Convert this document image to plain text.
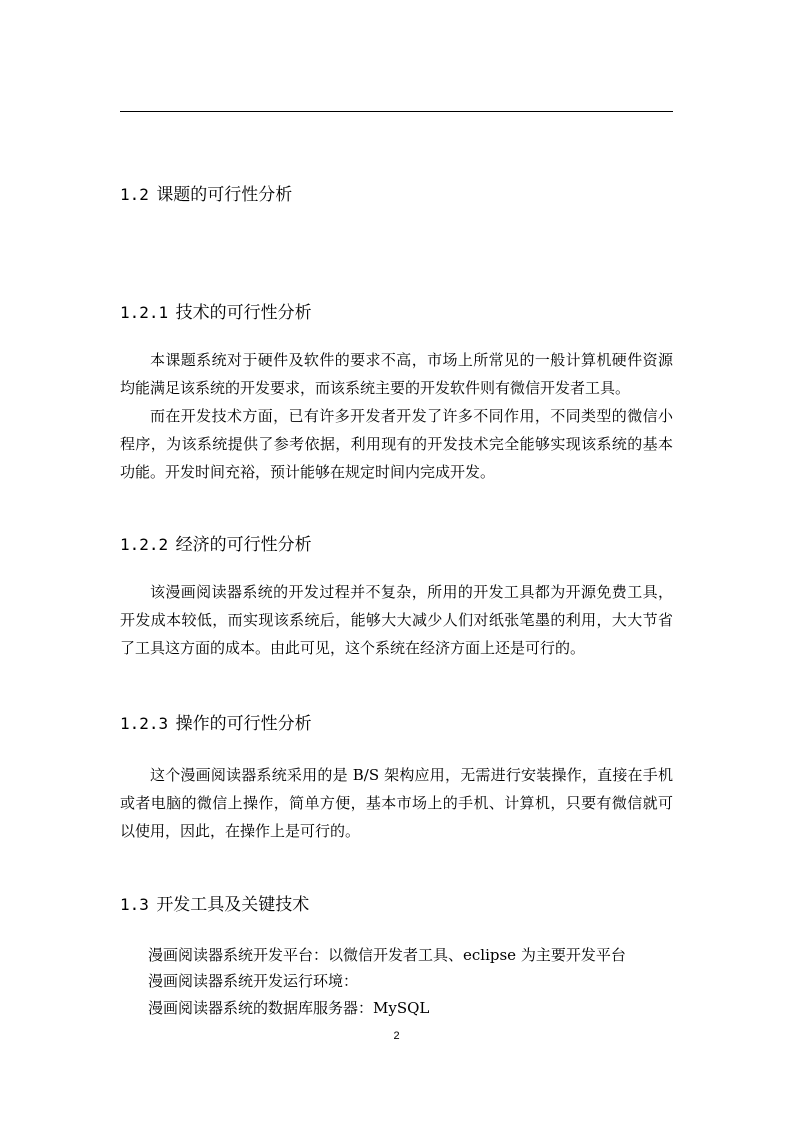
1.2 课题的可行性分析
1.2.1 技术的可行性分析

本课题系统对于硬件及软件的要求不高，市场上所常见的一般计算机硬件资源均能满足该系统的开发要求，而该系统主要的开发软件则有微信开发者工具。

而在开发技术方面，已有许多开发者开发了许多不同作用，不同类型的微信小程序，为该系统提供了参考依据，利用现有的开发技术完全能够实现该系统的基本功能。开发时间充裕，预计能够在规定时间内完成开发。

1.2.2 经济的可行性分析

该漫画阅读器系统的开发过程并不复杂，所用的开发工具都为开源免费工具，开发成本较低，而实现该系统后，能够大大减少人们对纸张笔墨的利用，大大节省了工具这方面的成本。由此可见，这个系统在经济方面上还是可行的。

1.2.3 操作的可行性分析

这个漫画阅读器系统采用的是 B/S 架构应用，无需进行安装操作，直接在手机或者电脑的微信上操作，简单方便，基本市场上的手机、计算机，只要有微信就可以使用，因此，在操作上是可行的。

1.3 开发工具及关键技术
漫画阅读器系统开发平台：以微信开发者工具、eclipse 为主要开发平台
漫画阅读器系统开发运行环境：
漫画阅读器系统的数据库服务器：MySQL
2
